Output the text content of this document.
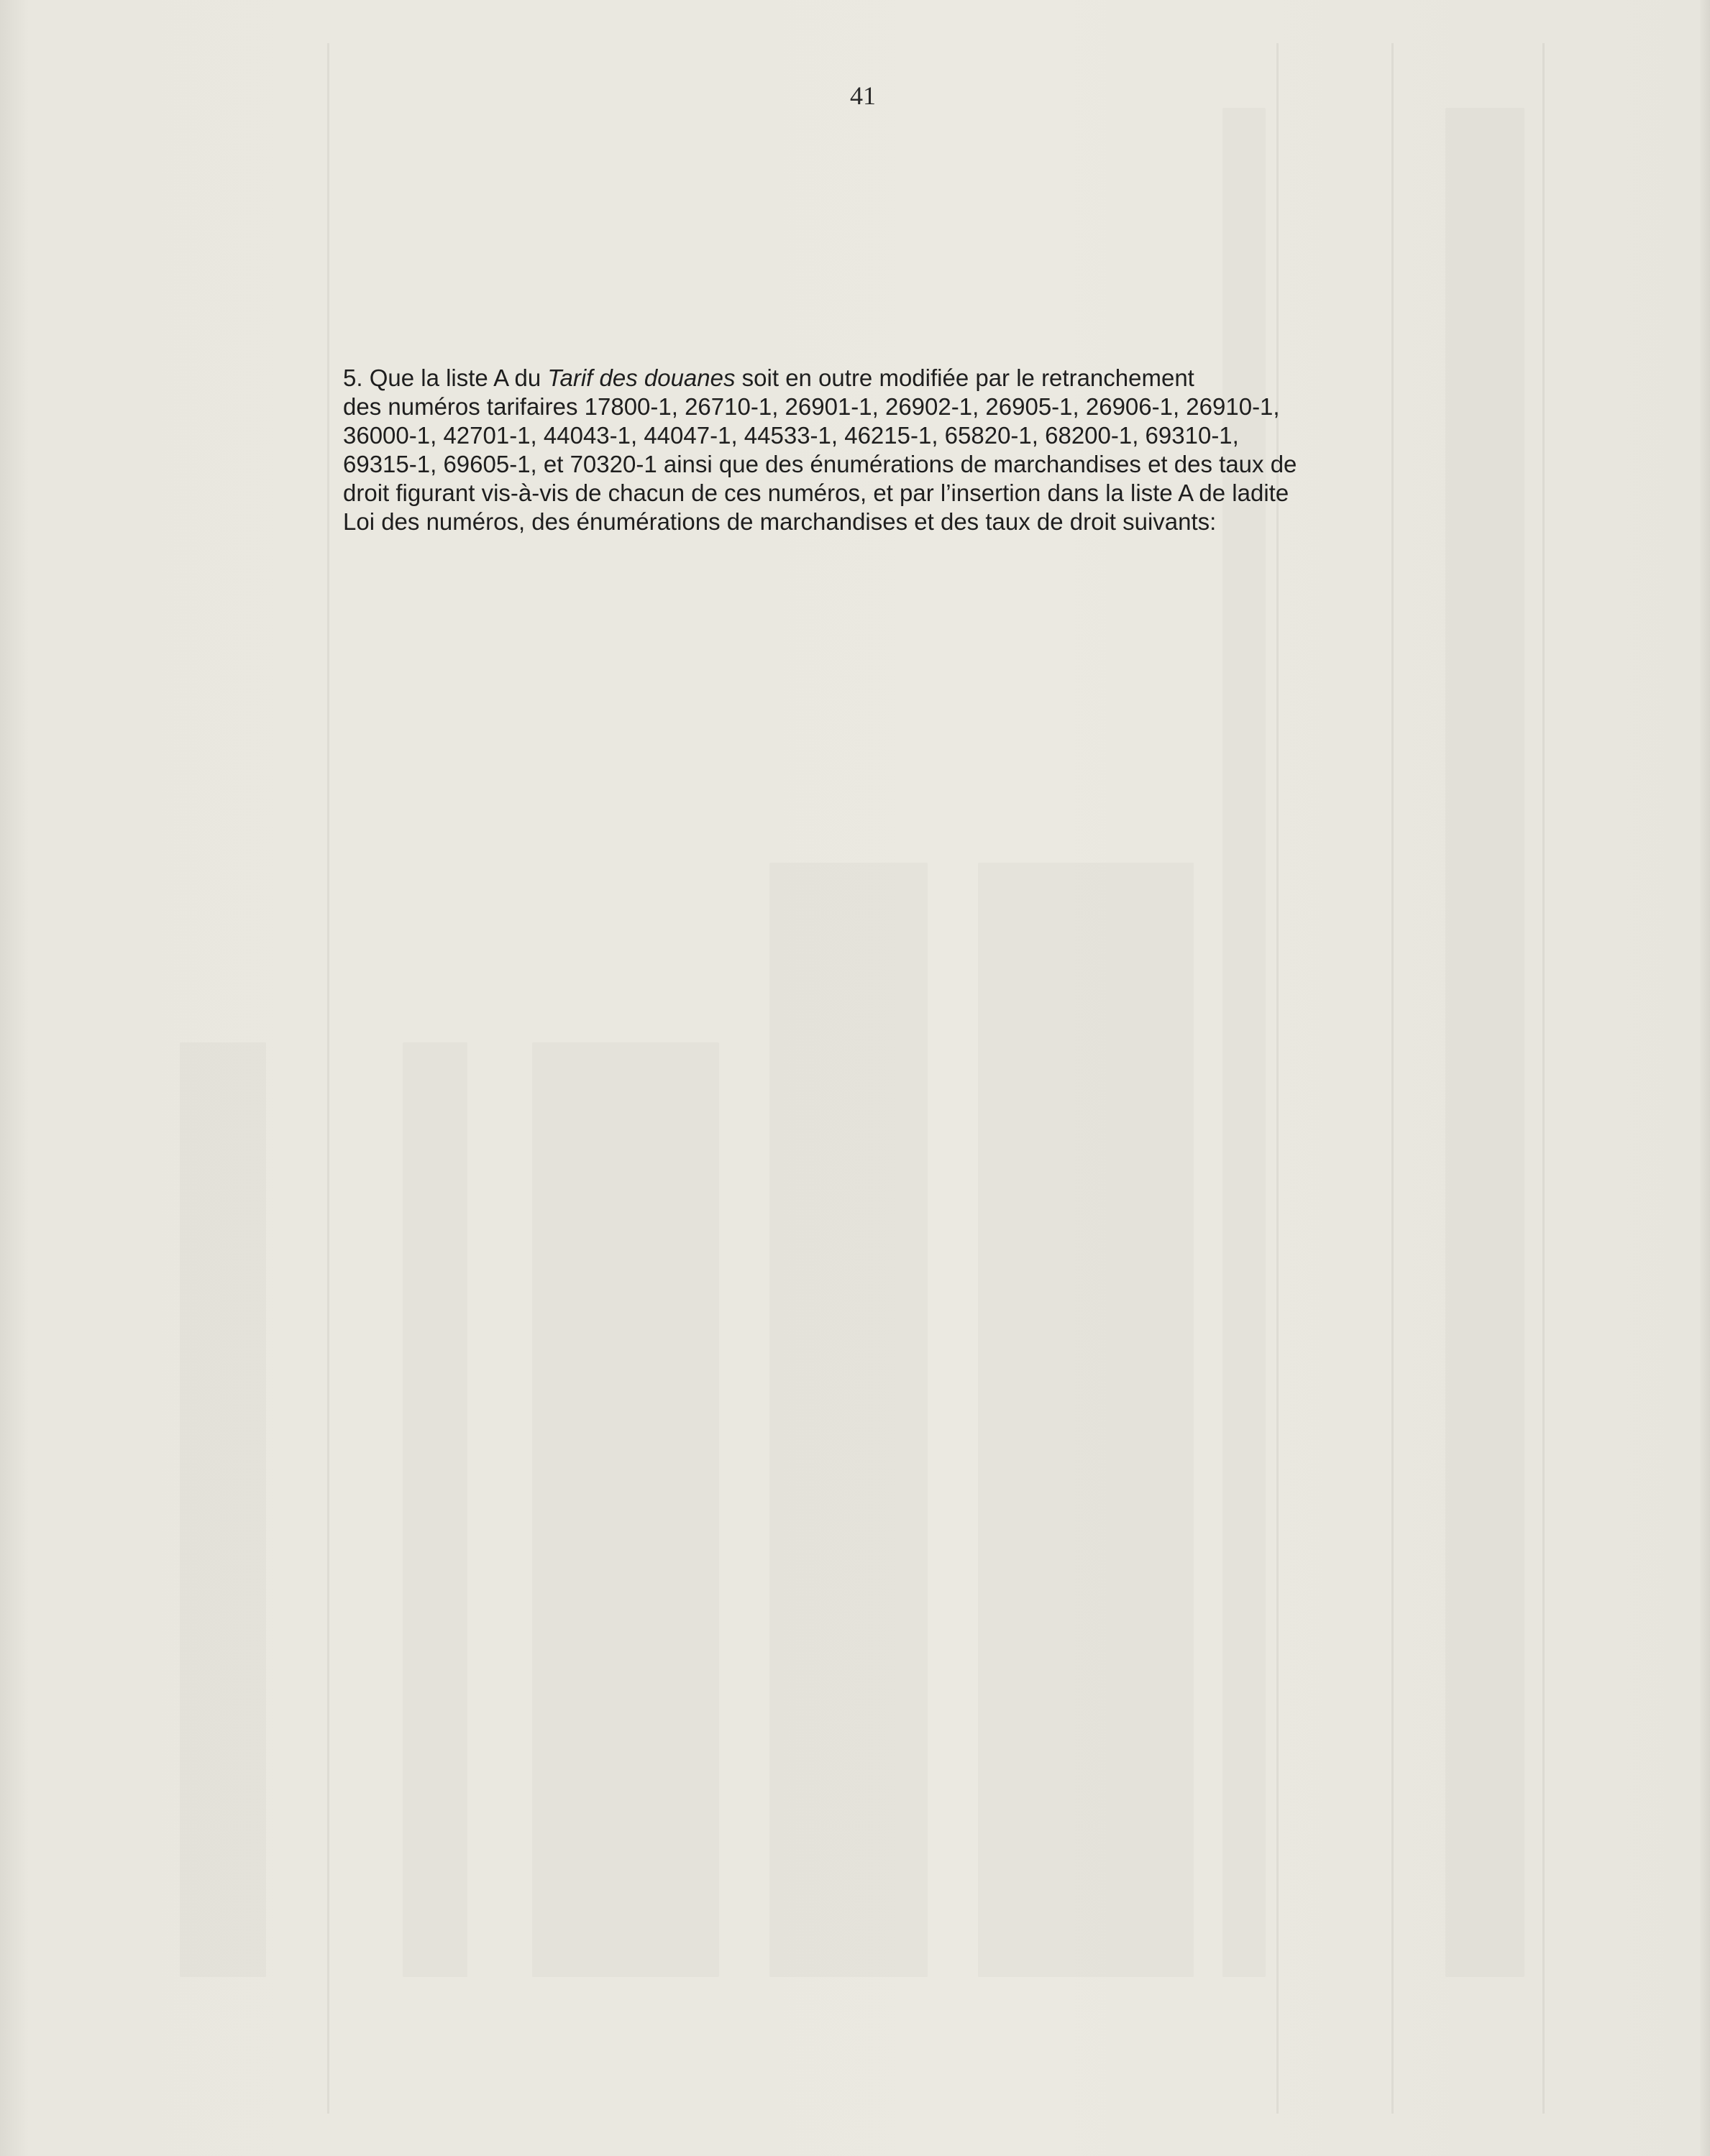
41
5. Que la liste A du Tarif des douanes soit en outre modifiée par le retranchement
des numéros tarifaires 17800-1, 26710-1, 26901-1, 26902-1, 26905-1, 26906-1, 26910-1,
36000-1, 42701-1, 44043-1, 44047-1, 44533-1, 46215-1, 65820-1, 68200-1, 69310-1,
69315-1, 69605-1, et 70320-1 ainsi que des énumérations de marchandises et des taux de
droit figurant vis-à-vis de chacun de ces numéros, et par l’insertion dans la liste A de ladite
Loi des numéros, des énumérations de marchandises et des taux de droit suivants:
